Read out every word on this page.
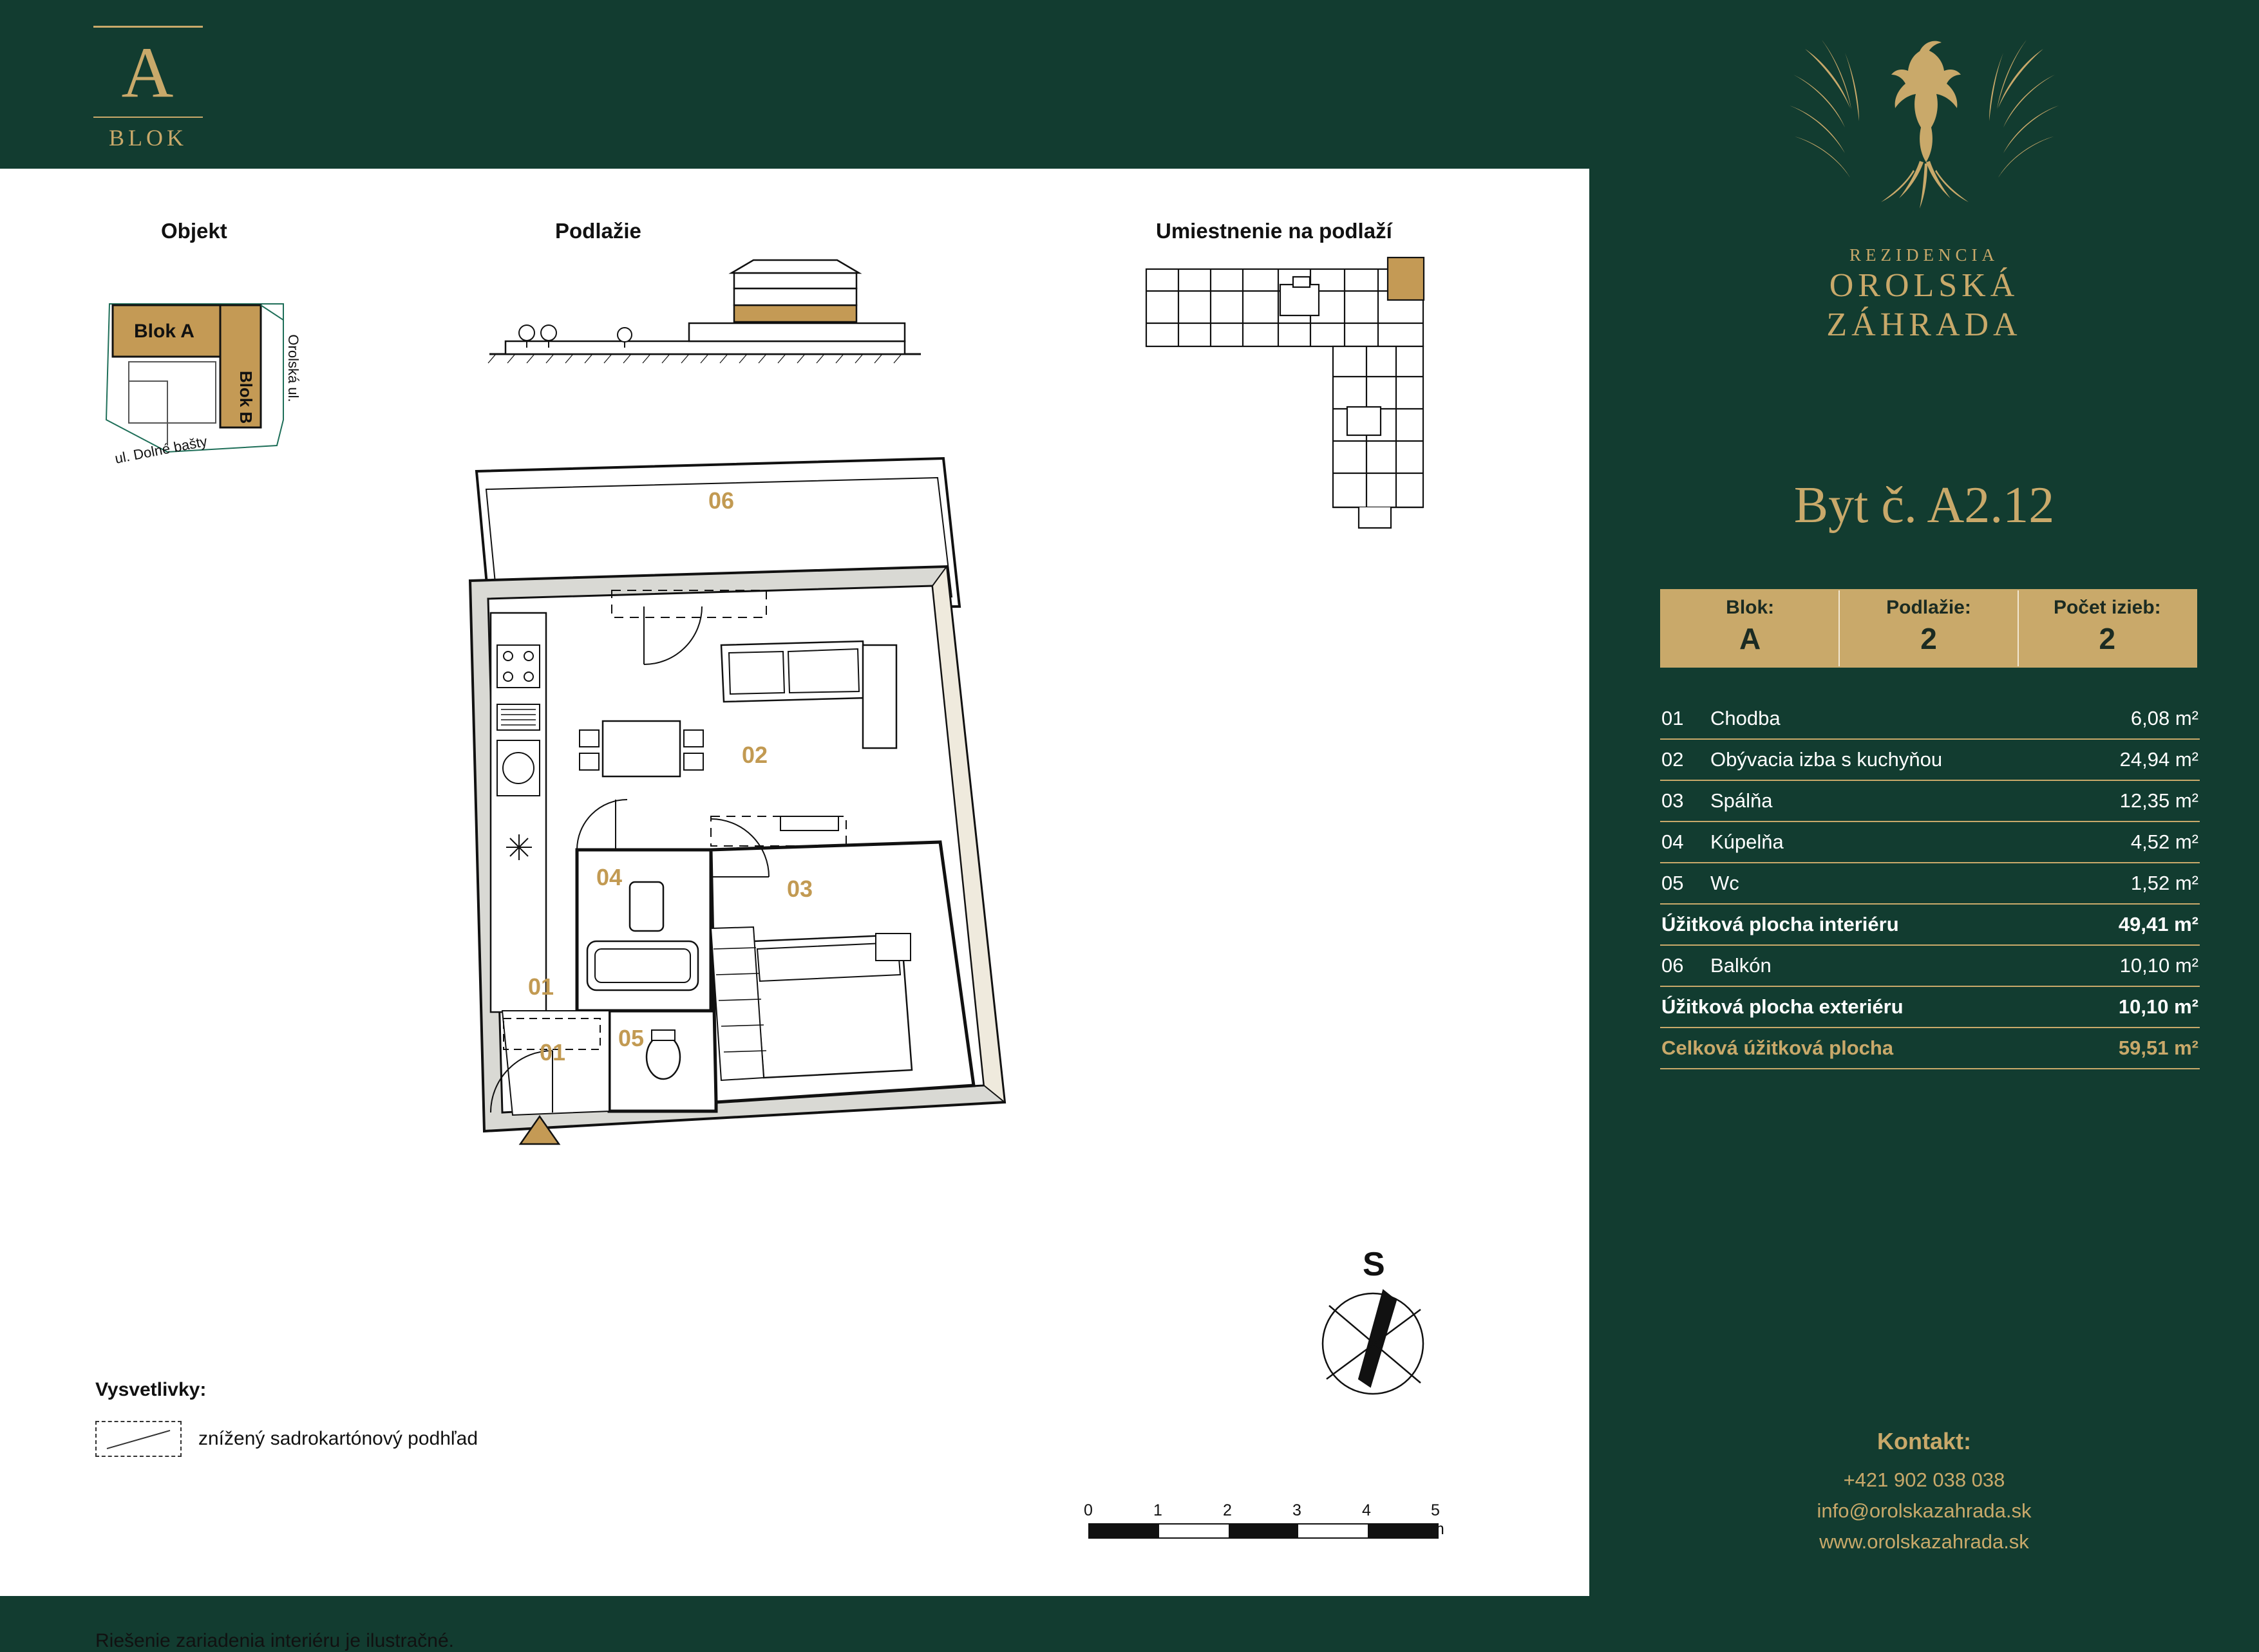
A
BLOK
Objekt
Blok A
Blok B Orolská ul.
ul. Dolné bašty
Podlažie	Umiestnenie na podlaží
06
02
04	03
01
01
05
S
Vysvetlivky:
znížený sadrokartónový podhľad
0	1	2	3	4	5 m
Riešenie zariadenia interiéru je ilustračné.
REZIDENCIA
OROLSKÁ
ZÁHRADA
Byt č. A2.12
Blok:
A
Podlažie:
2
Počet izieb:
2
01	Chodba	6,08 m²
02	Obývacia izba s kuchyňou	24,94 m²
03	Spálňa	12,35 m²
04	Kúpelňa	4,52 m²
05	Wc	1,52 m²
Úžitková plocha interiéru	49,41 m²
06	Balkón	10,10 m²
Úžitková plocha exteriéru	10,10 m²
Celková úžitková plocha	59,51 m²
Kontakt:
+421 902 038 038
info@orolskazahrada.sk
www.orolskazahrada.sk
